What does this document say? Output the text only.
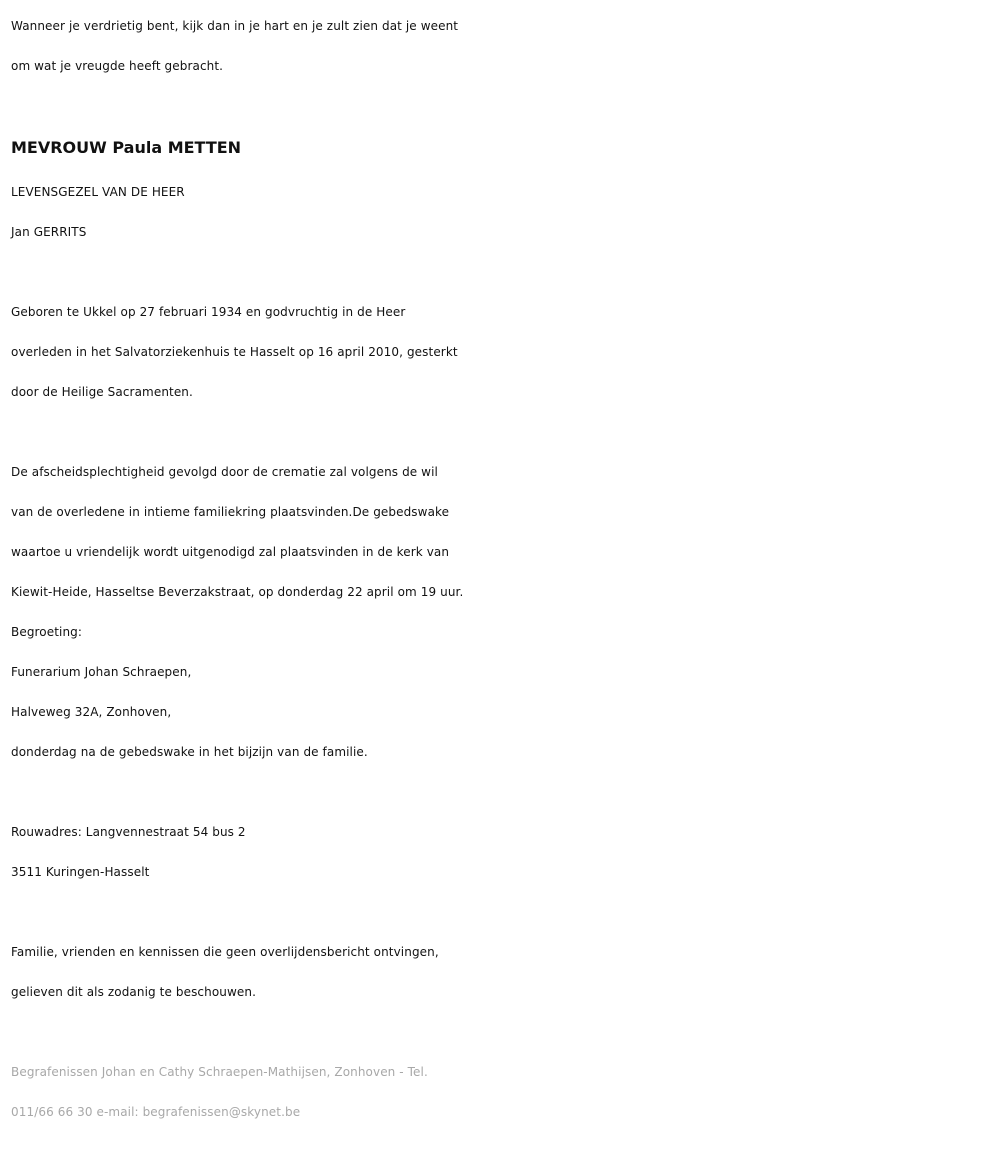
Wanneer je verdrietig bent, kijk dan in je hart en je zult zien dat je weent
om wat je vreugde heeft gebracht.
MEVROUW Paula METTEN
LEVENSGEZEL VAN DE HEER
Jan GERRITS
Geboren te Ukkel op 27 februari 1934 en godvruchtig in de Heer
overleden in het Salvatorziekenhuis te Hasselt op 16 april 2010, gesterkt
door de Heilige Sacramenten.
De afscheidsplechtigheid gevolgd door de crematie zal volgens de wil
van de overledene in intieme familiekring plaatsvinden.De gebedswake
waartoe u vriendelijk wordt uitgenodigd zal plaatsvinden in de kerk van
Kiewit-Heide, Hasseltse Beverzakstraat, op donderdag 22 april om 19 uur.
Begroeting:
Funerarium Johan Schraepen,
Halveweg 32A, Zonhoven,
donderdag na de gebedswake in het bijzijn van de familie.
Rouwadres: Langvennestraat 54 bus 2
3511 Kuringen-Hasselt
Familie, vrienden en kennissen die geen overlijdensbericht ontvingen,
gelieven dit als zodanig te beschouwen.
Begrafenissen Johan en Cathy Schraepen-Mathijsen, Zonhoven - Tel.
011/66 66 30 e-mail: begrafenissen@skynet.be
